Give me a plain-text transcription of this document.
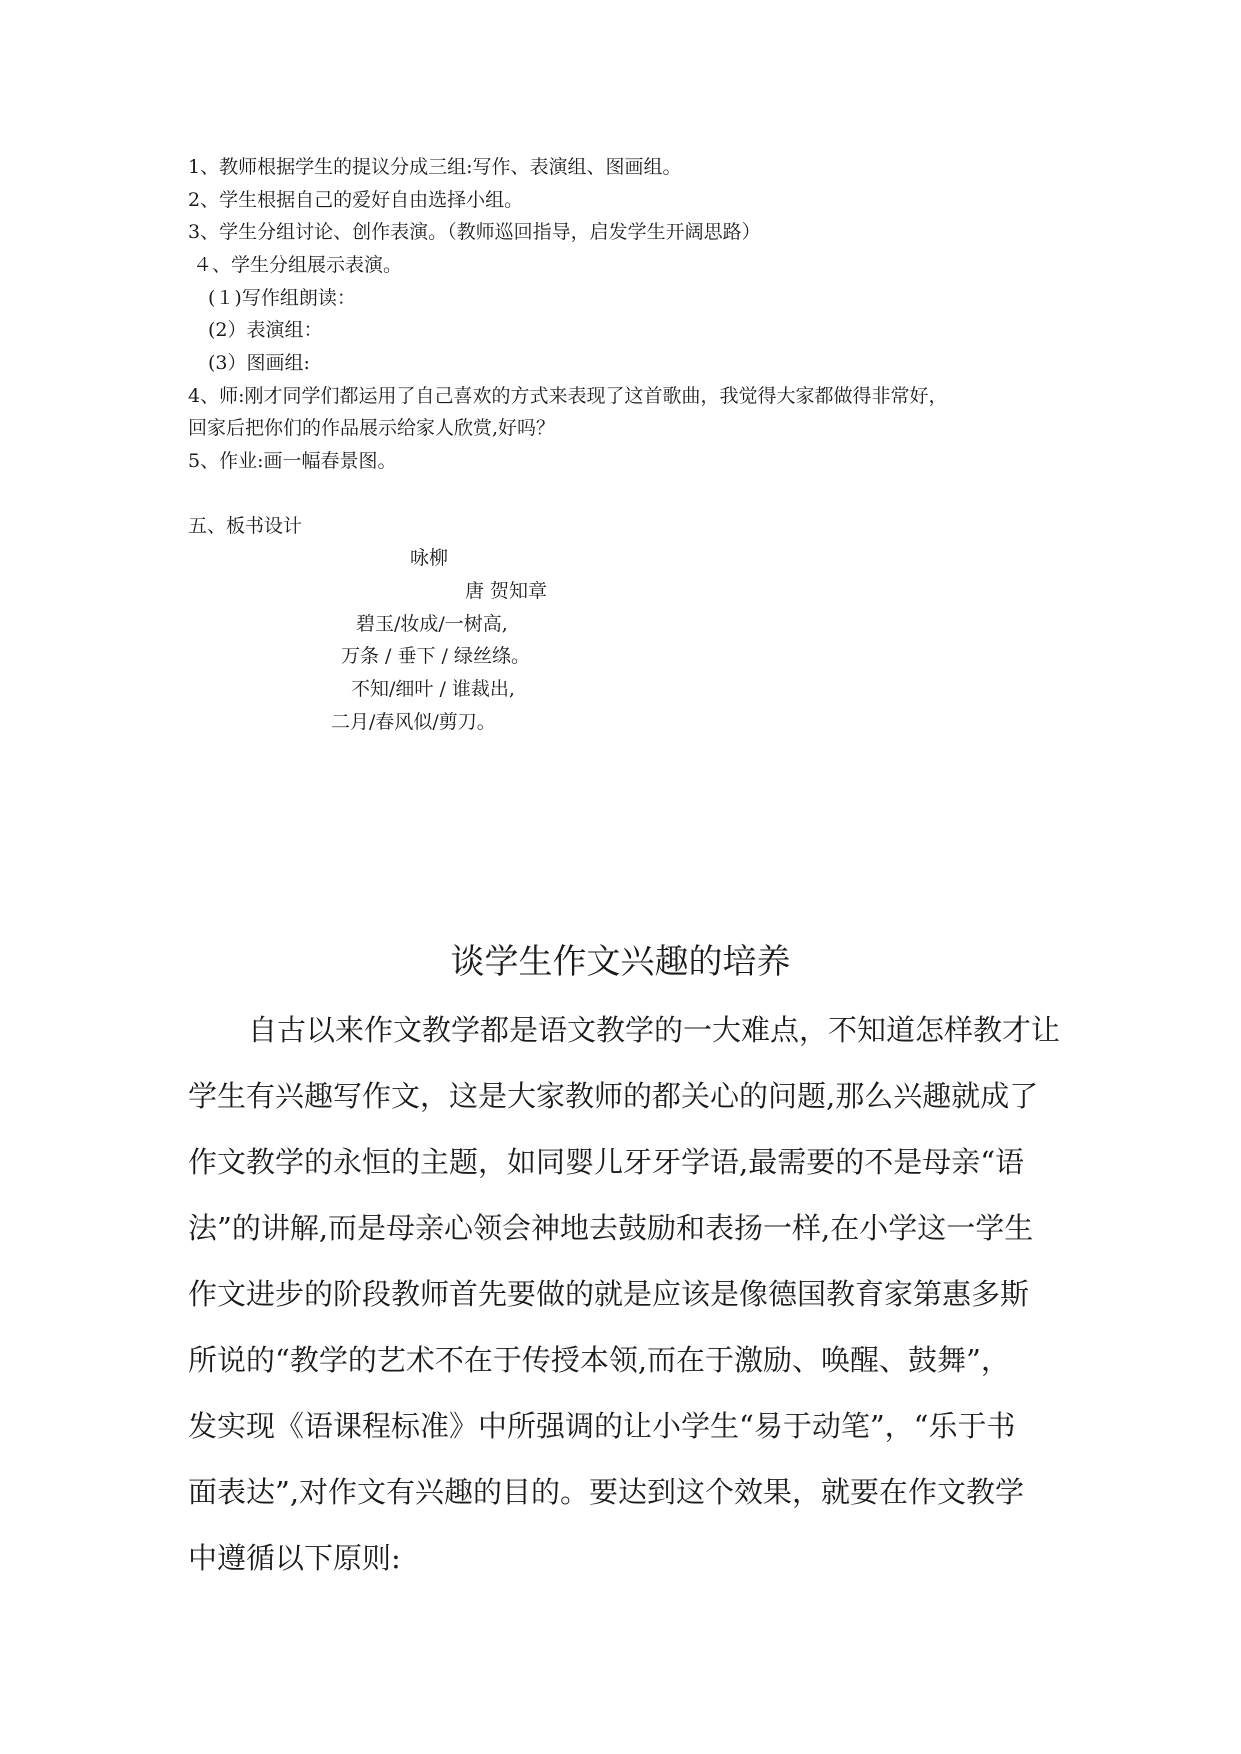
1、教师根据学生的提议分成三组:写作、表演组、图画组。
2、学生根据自己的爱好自由选择小组。
3、学生分组讨论、创作表演。（教师巡回指导，启发学生开阔思路）
４、学生分组展示表演。
(１)写作组朗读：
(2）表演组：
(3）图画组:
4、师:刚才同学们都运用了自己喜欢的方式来表现了这首歌曲，我觉得大家都做得非常好，
回家后把你们的作品展示给家人欣赏,好吗？
5、作业:画一幅春景图。
五、板书设计
咏柳
唐 贺知章
碧玉/妆成/一树高,
万条 / 垂下 / 绿丝绦。
不知/细叶 / 谁裁出,
二月/春风似/剪刀。
谈学生作文兴趣的培养
自古以来作文教学都是语文教学的一大难点，不知道怎样教才让
学生有兴趣写作文，这是大家教师的都关心的问题,那么兴趣就成了
作文教学的永恒的主题，如同婴儿牙牙学语,最需要的不是母亲“语
法”的讲解,而是母亲心领会神地去鼓励和表扬一样,在小学这一学生
作文进步的阶段教师首先要做的就是应该是像德国教育家第惠多斯
所说的“教学的艺术不在于传授本领,而在于激励、唤醒、鼓舞”，
发实现《语课程标准》中所强调的让小学生“易于动笔”，“乐于书
面表达”,对作文有兴趣的目的。要达到这个效果，就要在作文教学
中遵循以下原则:
